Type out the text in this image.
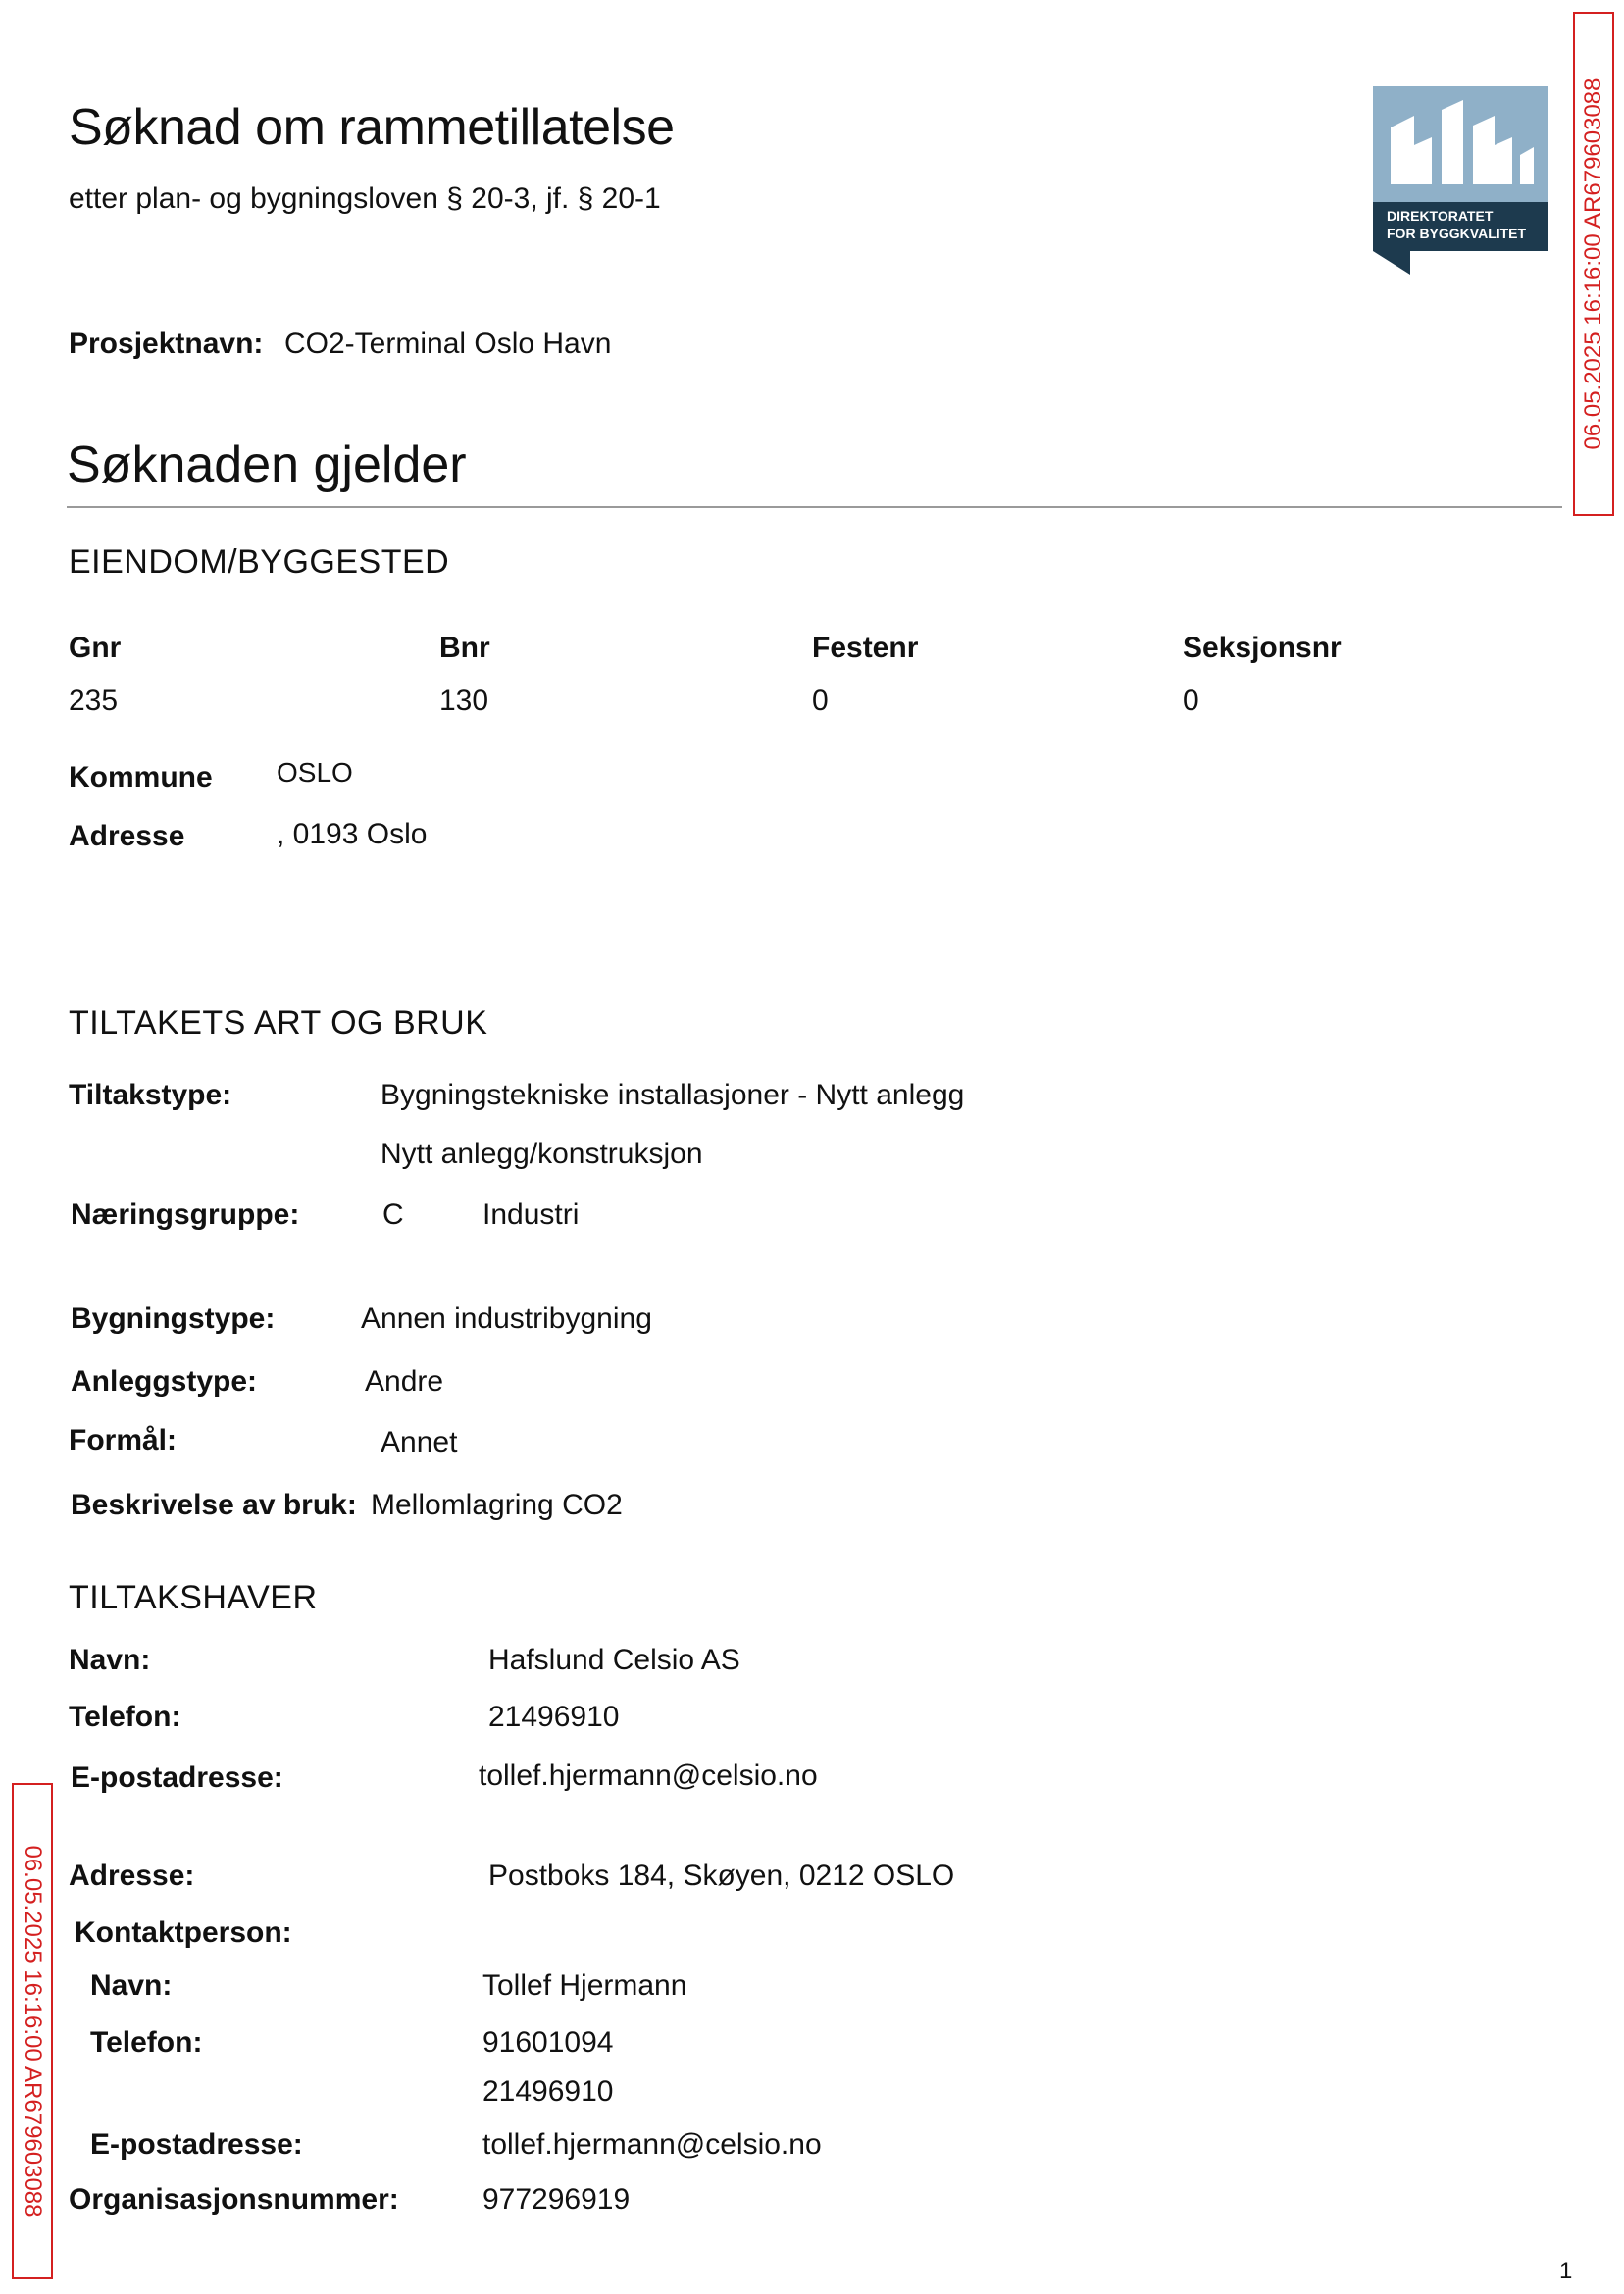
Søknad om rammetillatelse
etter plan- og bygningsloven § 20-3, jf. § 20-1
DIREKTORATET
FOR BYGGKVALITET
Prosjektnavn: CO2-Terminal Oslo Havn
Søknaden gjelder
EIENDOM/BYGGESTED
Gnr	Bnr	Festenr	Seksjonsnr
235	130	0	0
Kommune OSLO
Adresse	, 0193 Oslo
TILTAKETS ART OG BRUK
Tiltakstype:	Bygningstekniske installasjoner - Nytt anlegg
Nytt anlegg/konstruksjon
Næringsgruppe:	C	Industri
Bygningstype:	Annen industribygning
Anleggstype:	Andre
Formål:	Annet
Beskrivelse av bruk: Mellomlagring CO2
TILTAKSHAVER
Navn:	Hafslund Celsio AS
Telefon:	21496910
E-postadresse:	tollef.hjermann@celsio.no
Adresse:	Postboks 184, Skøyen, 0212 OSLO
Kontaktperson:
Navn:	Tollef Hjermann
Telefon:	91601094
21496910
E-postadresse:	tollef.hjermann@celsio.no
Organisasjonsnummer:	977296919
1
06.05.2025 16:16:00 AR679603088
06.05.2025 16:16:00 AR679603088
